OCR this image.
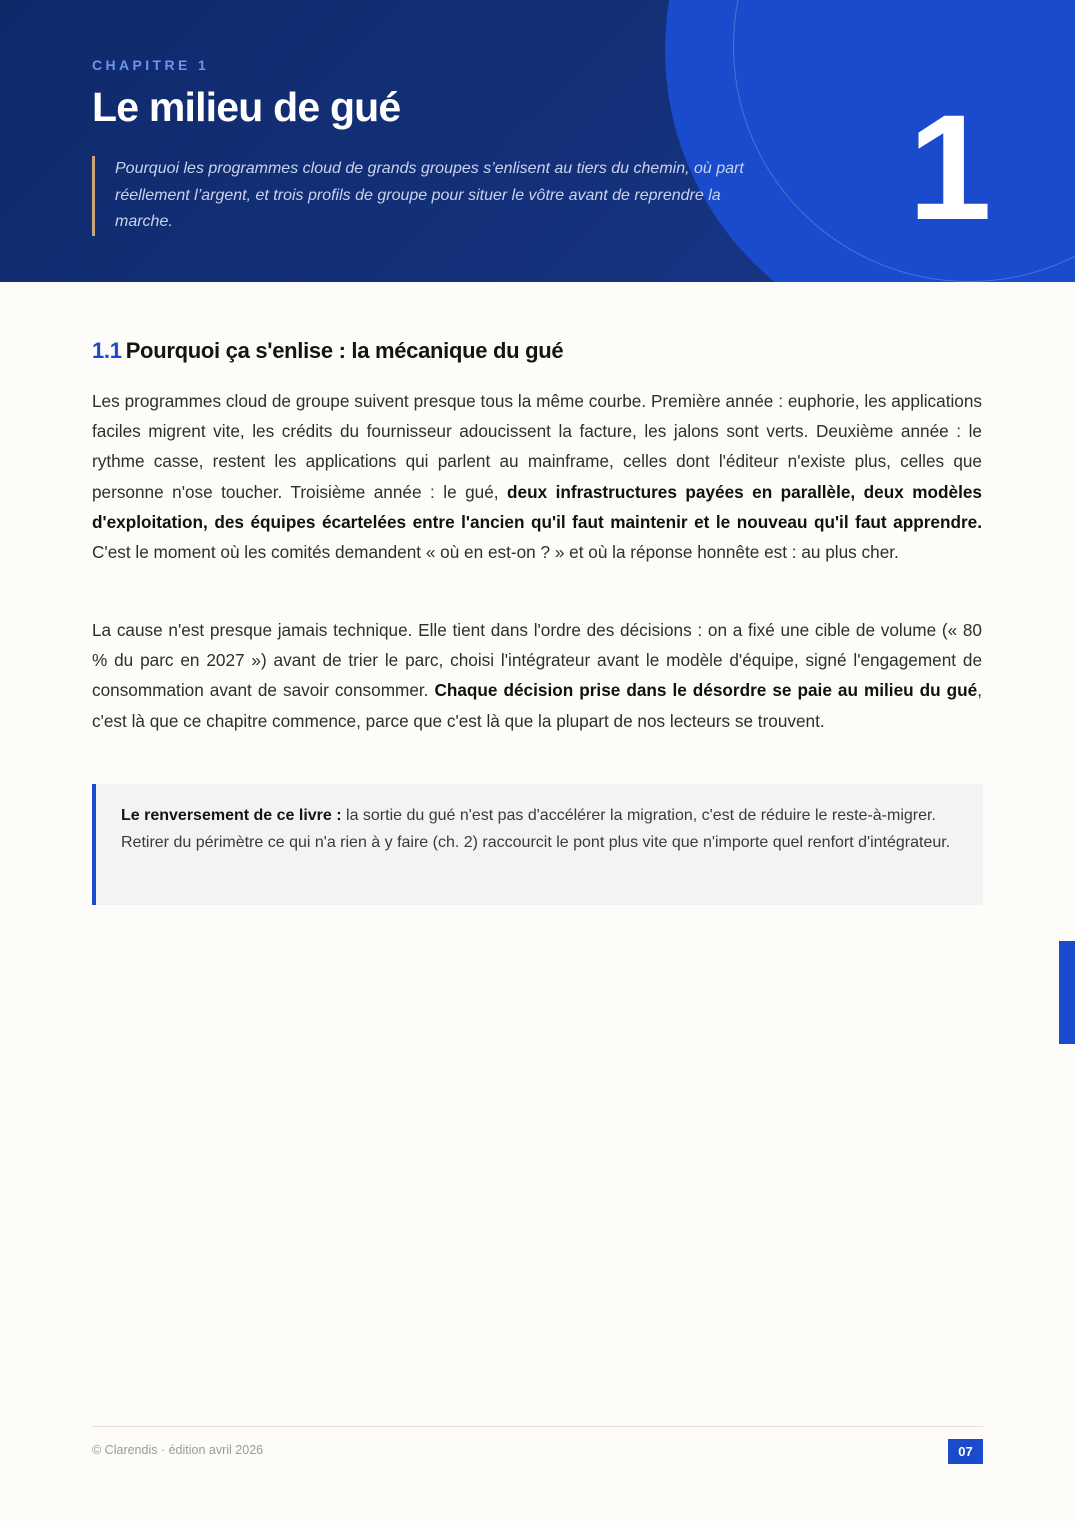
CHAPITRE 1
Le milieu de gué
Pourquoi les programmes cloud de grands groupes s’enlisent au tiers du chemin, où part réellement l’argent, et trois profils de groupe pour situer le vôtre avant de reprendre la marche.	1
1.1 Pourquoi ça s'enlise : la mécanique du gué

Les programmes cloud de groupe suivent presque tous la même courbe. Première année : euphorie, les applications faciles migrent vite, les crédits du fournisseur adoucissent la facture, les jalons sont verts. Deuxième année : le rythme casse, restent les applications qui parlent au mainframe, celles dont l'éditeur n'existe plus, celles que personne n'ose toucher. Troisième année : le gué, deux infrastructures payées en parallèle, deux modèles d'exploitation, des équipes écartelées entre l'ancien qu'il faut maintenir et le nouveau qu'il faut apprendre. C'est le moment où les comités demandent « où en est-on ? » et où la réponse honnête est : au plus cher.

La cause n'est presque jamais technique. Elle tient dans l'ordre des décisions : on a fixé une cible de volume (« 80 % du parc en 2027 ») avant de trier le parc, choisi l'intégrateur avant le modèle d'équipe, signé l'engagement de consommation avant de savoir consommer. Chaque décision prise dans le désordre se paie au milieu du gué, c'est là que ce chapitre commence, parce que c'est là que la plupart de nos lecteurs se trouvent.

Le renversement de ce livre : la sortie du gué n'est pas d'accélérer la migration, c'est de réduire le reste-à-migrer. Retirer du périmètre ce qui n'a rien à y faire (ch. 2) raccourcit le pont plus vite que n'importe quel renfort d'intégrateur.
© Clarendis · édition avril 2026	07
